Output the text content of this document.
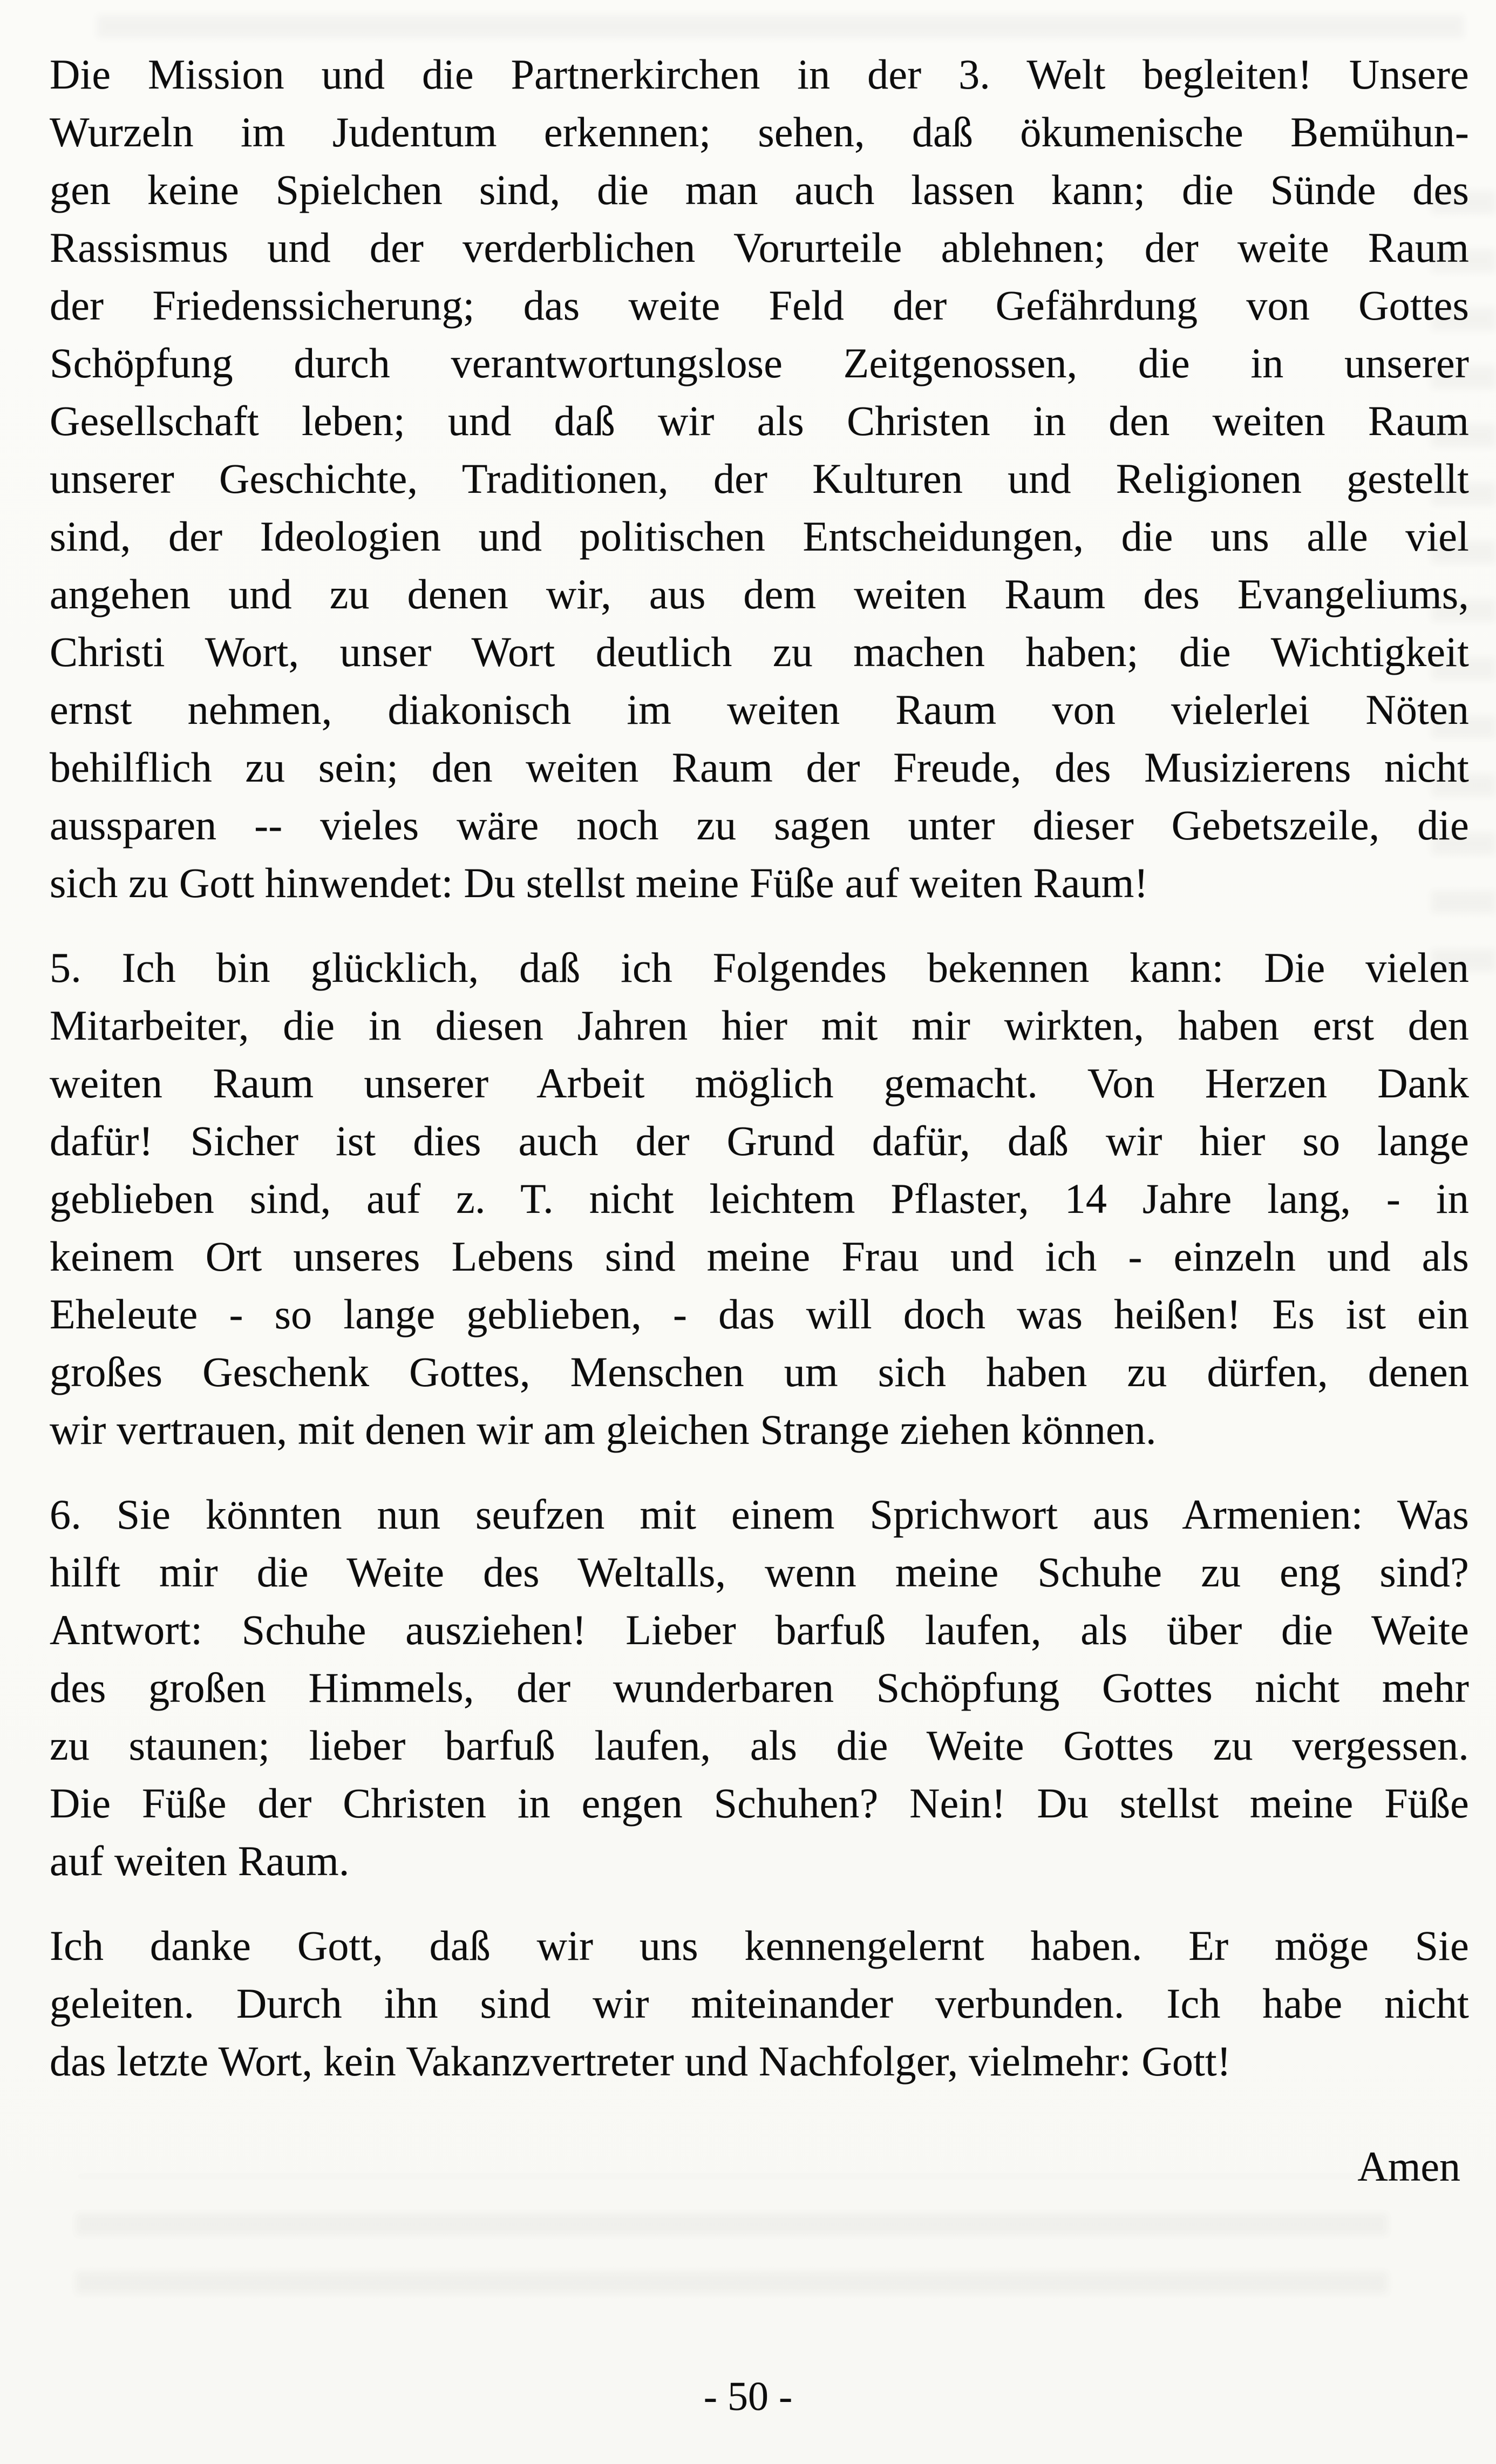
Die Mission und die Partnerkirchen in der 3. Welt begleiten! Unsere
Wurzeln im Judentum erkennen; sehen, daß ökumenische Bemühun-
gen keine Spielchen sind, die man auch lassen kann; die Sünde des
Rassismus und der verderblichen Vorurteile ablehnen; der weite Raum
der Friedenssicherung; das weite Feld der Gefährdung von Gottes
Schöpfung durch verantwortungslose Zeitgenossen, die in unserer
Gesellschaft leben; und daß wir als Christen in den weiten Raum
unserer Geschichte, Traditionen, der Kulturen und Religionen gestellt
sind, der Ideologien und politischen Entscheidungen, die uns alle viel
angehen und zu denen wir, aus dem weiten Raum des Evangeliums,
Christi Wort, unser Wort deutlich zu machen haben; die Wichtigkeit
ernst nehmen, diakonisch im weiten Raum von vielerlei Nöten
behilflich zu sein; den weiten Raum der Freude, des Musizierens nicht
aussparen -- vieles wäre noch zu sagen unter dieser Gebetszeile, die
sich zu Gott hinwendet: Du stellst meine Füße auf weiten Raum!
5. Ich bin glücklich, daß ich Folgendes bekennen kann: Die vielen
Mitarbeiter, die in diesen Jahren hier mit mir wirkten, haben erst den
weiten Raum unserer Arbeit möglich gemacht. Von Herzen Dank
dafür! Sicher ist dies auch der Grund dafür, daß wir hier so lange
geblieben sind, auf z. T. nicht leichtem Pflaster, 14 Jahre lang, - in
keinem Ort unseres Lebens sind meine Frau und ich - einzeln und als
Eheleute - so lange geblieben, - das will doch was heißen! Es ist ein
großes Geschenk Gottes, Menschen um sich haben zu dürfen, denen
wir vertrauen, mit denen wir am gleichen Strange ziehen können.
6. Sie könnten nun seufzen mit einem Sprichwort aus Armenien: Was
hilft mir die Weite des Weltalls, wenn meine Schuhe zu eng sind?
Antwort: Schuhe ausziehen! Lieber barfuß laufen, als über die Weite
des großen Himmels, der wunderbaren Schöpfung Gottes nicht mehr
zu staunen; lieber barfuß laufen, als die Weite Gottes zu vergessen.
Die Füße der Christen in engen Schuhen? Nein! Du stellst meine Füße
auf weiten Raum.
Ich danke Gott, daß wir uns kennengelernt haben. Er möge Sie
geleiten. Durch ihn sind wir miteinander verbunden. Ich habe nicht
das letzte Wort, kein Vakanzvertreter und Nachfolger, vielmehr: Gott!
Amen
- 50 -
